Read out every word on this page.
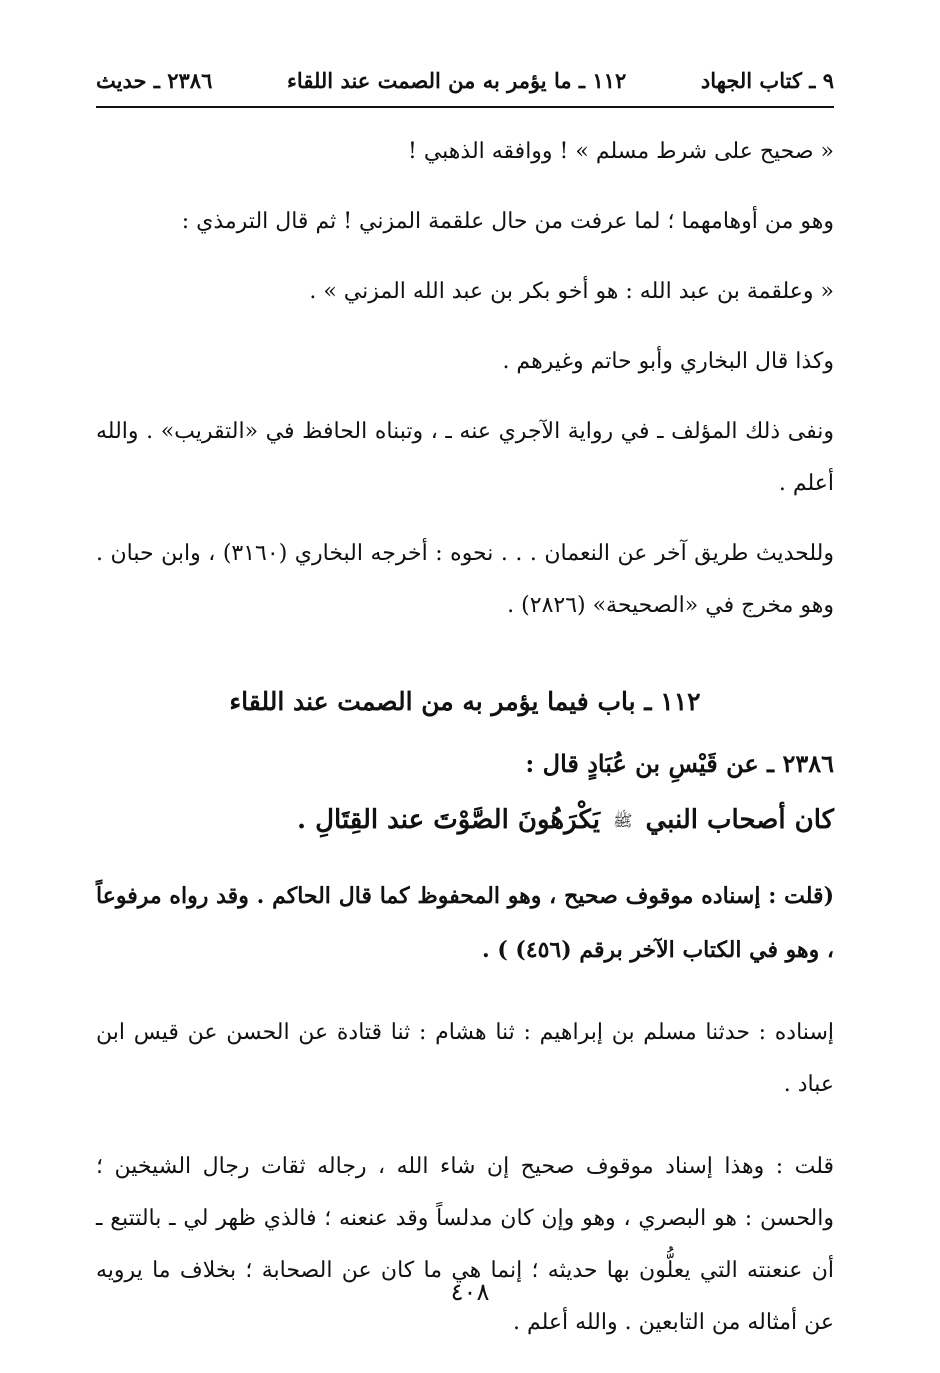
٩ ـ كتاب الجهاد
١١٢ ـ ما يؤمر به من الصمت عند اللقاء
٢٣٨٦ ـ حديث

« صحيح على شرط مسلم » ! ووافقه الذهبي !

وهو من أوهامهما ؛ لما عرفت من حال علقمة المزني ! ثم قال الترمذي :

« وعلقمة بن عبد الله : هو أخو بكر بن عبد الله المزني » .

وكذا قال البخاري وأبو حاتم وغيرهم .

ونفى ذلك المؤلف ـ في رواية الآجري عنه ـ ، وتبناه الحافظ في «التقريب» . والله أعلم .

وللحديث طريق آخر عن النعمان . . . نحوه : أخرجه البخاري (٣١٦٠) ، وابن حبان . وهو مخرج في «الصحيحة» (٢٨٢٦) .

١١٢ ـ باب فيما يؤمر به من الصمت عند اللقاء
٢٣٨٦ ـ عن قَيْسِ بن عُبَادٍ قال :
كان أصحاب النبي ﷺ يَكْرَهُونَ الصَّوْتَ عند القِتَالِ .
(قلت : إسناده موقوف صحيح ، وهو المحفوظ كما قال الحاكم . وقد رواه مرفوعاً ، وهو في الكتاب الآخر برقم (٤٥٦) ) .

إسناده : حدثنا مسلم بن إبراهيم : ثنا هشام : ثنا قتادة عن الحسن عن قيس ابن عباد .

قلت : وهذا إسناد موقوف صحيح إن شاء الله ، رجاله ثقات رجال الشيخين ؛ والحسن : هو البصري ، وهو وإن كان مدلساً وقد عنعنه ؛ فالذي ظهر لي ـ بالتتبع ـ أن عنعنته التي يعلُّون بها حديثه ؛ إنما هي ما كان عن الصحابة ؛ بخلاف ما يرويه عن أمثاله من التابعين . والله أعلم .

٤٠٨
